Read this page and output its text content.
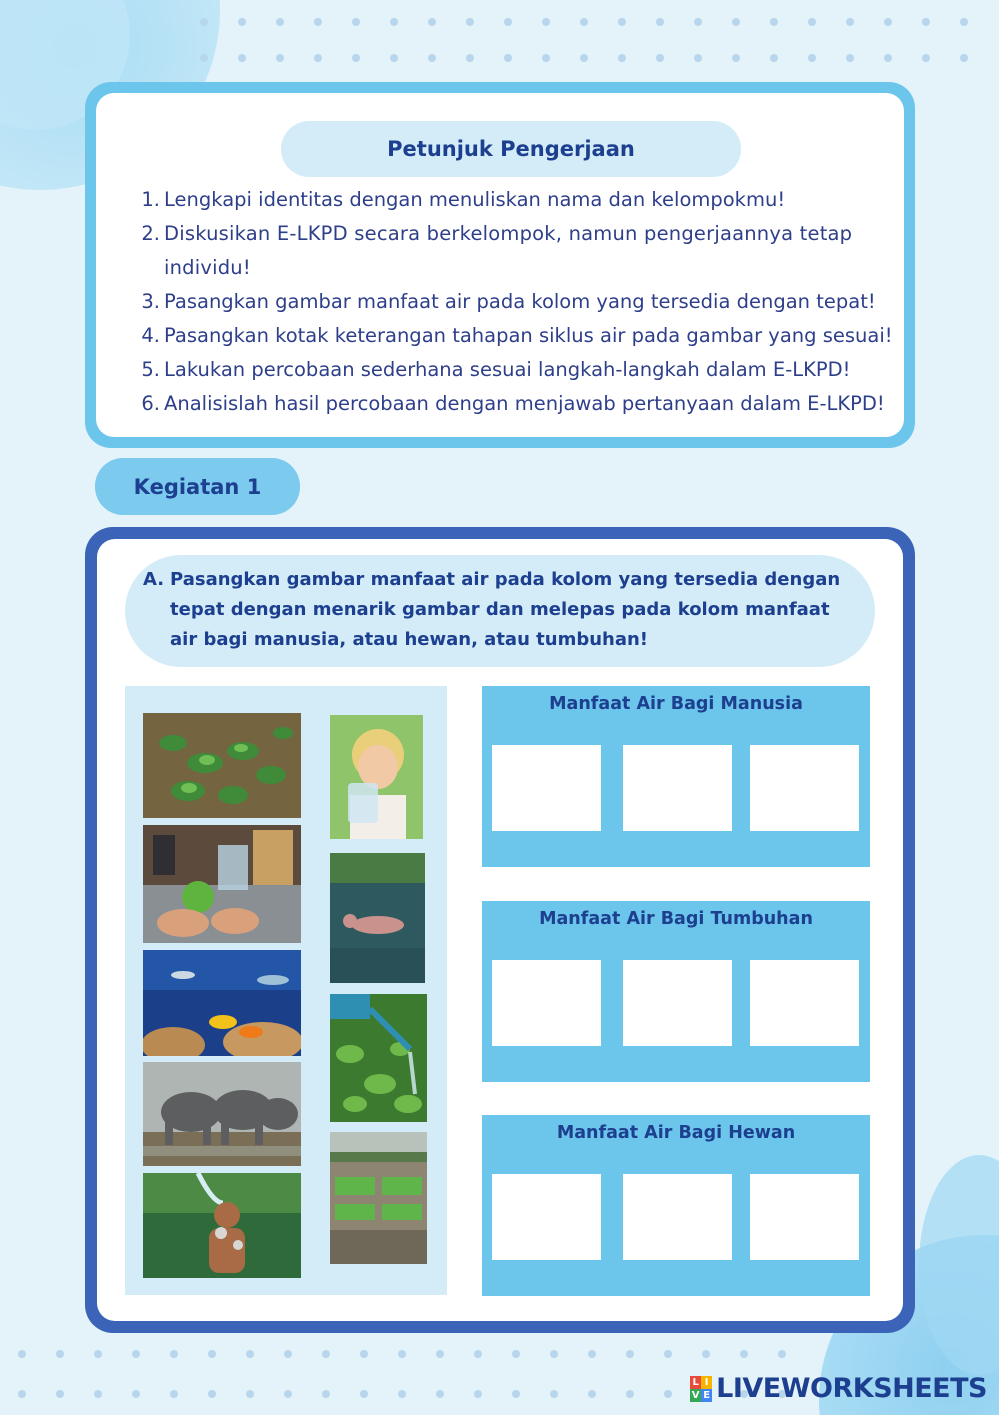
Petunjuk Pengerjaan
1. Lengkapi identitas dengan menuliskan nama dan kelompokmu!
2. Diskusikan E-LKPD secara berkelompok, namun pengerjaannya tetap individu!
3. Pasangkan gambar manfaat air pada kolom yang tersedia dengan tepat!
4. Pasangkan kotak keterangan tahapan siklus air pada gambar yang sesuai!
5. Lakukan percobaan sederhana sesuai langkah-langkah dalam E-LKPD!
6. Analisislah hasil percobaan dengan menjawab pertanyaan dalam E-LKPD!
Kegiatan 1
A. Pasangkan gambar manfaat air pada kolom yang tersedia dengan
tepat dengan menarik gambar dan melepas pada kolom manfaat
air bagi manusia, atau hewan, atau tumbuhan!
Manfaat Air Bagi Manusia
Manfaat Air Bagi Tumbuhan
Manfaat Air Bagi Hewan
L I
V E LIVEWORKSHEETS
